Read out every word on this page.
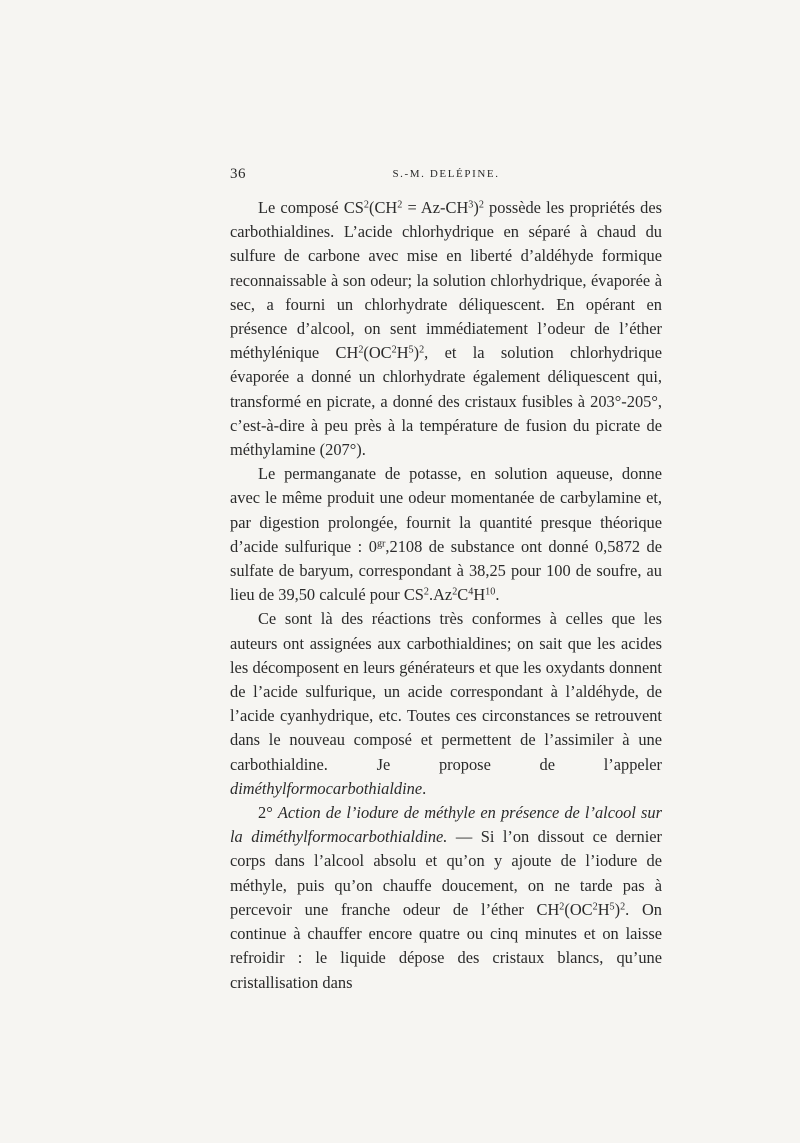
36	S.-M. DELÉPINE.

Le composé $CS^2(CH^2 = Az-CH^3)^2$ possède les propriétés des carbothialdines. L’acide chlorhydrique en séparé à chaud du sulfure de carbone avec mise en liberté d’aldéhyde formique reconnaissable à son odeur; la solution chlorhydrique, évaporée à sec, a fourni un chlorhydrate déliquescent. En opérant en présence d’alcool, on sent immédiatement l’odeur de l’éther méthylénique $CH^2(OC^2H^5)^2$, et la solution chlorhydrique évaporée a donné un chlorhydrate également déliquescent qui, transformé en picrate, a donné des cristaux fusibles à 203°-205°, c’est-à-dire à peu près à la température de fusion du picrate de méthylamine (207°).

Le permanganate de potasse, en solution aqueuse, donne avec le même produit une odeur momentanée de carbylamine et, par digestion prolongée, fournit la quantité presque théorique d’acide sulfurique : $0^{gr},2108$ de substance ont donné 0,5872 de sulfate de baryum, correspondant à 38,25 pour 100 de soufre, au lieu de 39,50 calculé pour $CS^2.Az^2C^4H^{10}$.

Ce sont là des réactions très conformes à celles que les auteurs ont assignées aux carbothialdines; on sait que les acides les décomposent en leurs générateurs et que les oxydants donnent de l’acide sulfurique, un acide correspondant à l’aldéhyde, de l’acide cyanhydrique, etc. Toutes ces circonstances se retrouvent dans le nouveau composé et permettent de l’assimiler à une carbothialdine. Je propose de l’appeler diméthylformocarbothialdine.

2° Action de l’iodure de méthyle en présence de l’alcool sur la diméthylformocarbothialdine. — Si l’on dissout ce dernier corps dans l’alcool absolu et qu’on y ajoute de l’iodure de méthyle, puis qu’on chauffe doucement, on ne tarde pas à percevoir une franche odeur de l’éther $CH^2(OC^2H^5)^2$. On continue à chauffer encore quatre ou cinq minutes et on laisse refroidir : le liquide dépose des cristaux blancs, qu’une cristallisation dans
